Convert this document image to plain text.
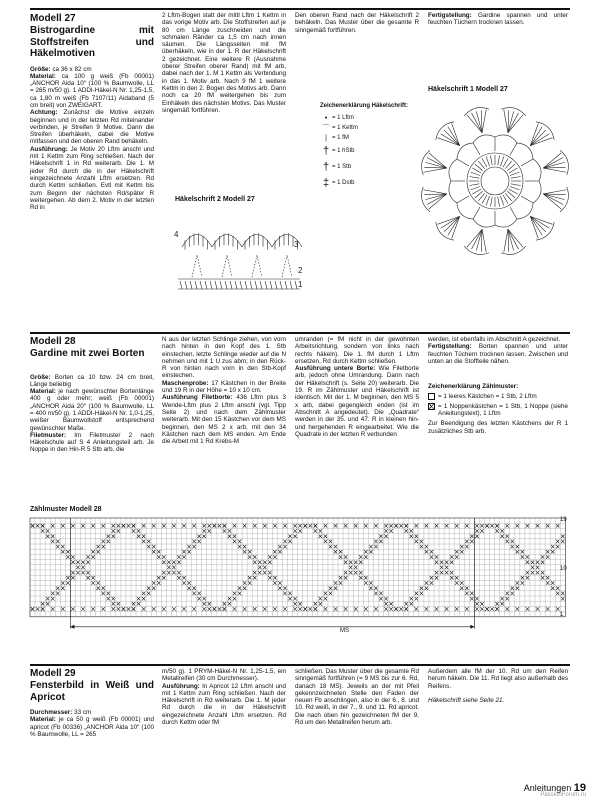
Modell 27
Bistrogardine mit Stoffstreifen und Häkelmotiven

Größe: ca 36 x 82 cm

Material: ca 100 g weiß (Fb 00001) „ANCHOR Aida 10“ (100 % Baumwolle, LL = 265 m/50 g). 1 ADDI-Häkel-N Nr. 1,25-1,5, ca 1,80 m weiß (Fb 7107/11) Aidaband (5 cm breit) von ZWEIGART.

Achtung: Zunächst die Motive einzeln beginnen und in der letzten Rd miteinander verbinden, je Streifen 9 Motive. Dann die Streifen überhäkeln, dabei die Motive mitfassen und den oberen Rand behäkeln.

Ausführung: Je Motiv 20 Lftm anschl und mit 1 Kettm zum Ring schließen. Nach der Häkelschrift 1 in Rd weiterarb. Die 1. M jeder Rd durch die in der Häkelschrift eingezeichnete Anzahl Lftm ersetzen. Rd durch Kettm schließen. Evtl mit Kettm bis zum Beginn der nächsten Rd/später R weitergehen. Ab dem 2. Motiv in der letzten Rd in

2 Lftm-Bogen statt der mittl Lftm 1 Kettm in das vorige Motiv arb. Die Stoffstreifen auf je 80 cm Länge zuschneiden und die schmalen Ränder ca 1,5 cm nach innen säumen. Die Längsseiten mit fM überhäkeln, wie in der 1. R der Häkelschrift 2 gezeichnet. Eine weitere R (Ausnahme oberer Streifen oberer Rand) mit fM arb, dabei nach der 1. M 1 Kettm als Verbindung in das 1. Motiv arb. Nach 9 fM 1 weitere Kettm in den 2. Bogen des Motivs arb. Dann noch ca 20 fM weitergehen bis zum Einhäkeln des nächsten Motivs. Das Muster singemäß fortführen.

Den oberen Rand nach der Häkelschrift 2 behäkeln. Das Muster über die gesamte R sinngemäß fortführen.

Fertigstellung: Gardine spannen und unter feuchten Tüchern trocknen lassen.

Häkelschrift 1 Modell 27
Häkelschrift 2 Modell 27
Zeichenerklärung Häkelschrift:
• = 1 Lftm
⌒ = 1 Kettm
| = 1 fM
† = 1 hStb
† = 1 Stb
‡ = 1 Dstb
4
3
2
1
Modell 28
Gardine mit zwei Borten

Größe: Borten ca 10 bzw. 24 cm breit, Länge beliebig

Material: je nach gewünschter Bortenlänge 400 g oder mehr; weiß (Fb 00001) „ANCHOR Aida 20“ (100 % Baumwolle, LL = 400 m/50 g). 1 ADDI-Häkel-N Nr. 1,0-1,25, weißer Baumwollstoff entsprechend gewünschter Maße.

Filetmuster: Im Filetmuster 2 nach Häkelschule auf S 4 Anleitungsteil arb. Je Noppe in den Hin-R 5 Stb arb, die

N aus der letzten Schlinge ziehen, von vorn nach hinten in den Kopf des 1. Stb einstechen, letzte Schlinge wieder auf die N nehmen und mit 1 U zus abm; in den Rück-R von hinten nach vorn in den Stb-Kopf einstechen.

Maschenprobe: 17 Kästchen in der Breite und 19 R in der Höhe = 10 x 10 cm.

Ausführung Filetborte: 436 Lftm plus 3 Wende-Lftm plus 2 Lftm anschl (vgl. Tipp Seite 2) und nach dem Zählmuster weiterarb. Mit den 15 Kästchen vor dem MS beginnen, den MS 2 x arb, mit den 34 Kästchen nach dem MS enden. Am Ende die Arbeit mit 1 Rd Krebs-M

umranden (= fM nicht in der gewohnten Arbeitsrichtung, sondern von links nach rechts häkeln). Die 1. fM durch 1 Lftm ersetzen, Rd durch Kettm schließen.

Ausführung untere Borte: Wie Filetborte arb, jedoch ohne Umrandung. Dann nach der Häkelschrift (s. Seite 20) weiterarb. Die 19. R im Zählmuster und Häkelschrift ist identisch. Mit der 1. M beginnen, den MS 5 x arb, dabei gegengleich enden (ist im Abschnitt A angedeutet). Die „Quadrate“ werden in der 35. und 47. R in kleinen hin- und hergehenden R eingearbeitet. Wie die Quadrate in der letzten R verbunden

werden, ist ebenfalls im Abschnitt A gezeichnet.

Fertigstellung: Borten spannen und unter feuchten Tüchern trocknen lassen. Zwischen und unten an die Stoffteile nähen.

Zeichenerklärung Zählmuster:
= 1 leeres Kästchen = 1 Stb, 2 Lftm
= 1 Noppenkästchen = 1 Stb, 1 Noppe (siehe Anleitungstext), 1 Lftm
Zur Beendigung des letzten Kästchens der R 1 zusätzliches Stb arb.
Zählmuster Modell 28
19
10
1
MS
Modell 29
Fensterbild in Weiß und Apricot

Durchmesser: 33 cm

Material: je ca 50 g weiß (Fb 00001) und apricot (Fb 00336) „ANCHOR Aida 10“ (100 % Baumwolle, LL = 265

m/50 g). 1 PRYM-Häkel-N Nr. 1,25-1,5, ein Metallreifen (30 cm Durchmesser).

Ausführung: In Apricot 12 Lftm anschl und mit 1 Kettm zum Ring schließen. Nach der Häkelschrift in Rd weiterarb. Die 1. M jeder Rd durch die in der Häkelschrift eingezeichnete Anzahl Lftm ersetzen. Rd durch Kettm oder fM

schließen. Das Muster über die gesamte Rd sinngemäß fortführen (= 9 MS bis zur 6. Rd, danach 18 MS). Jeweils an der mit Pfeil gekennzeichneten Stelle den Faden der neuen Fb anschlingen, also in der 6., 8. und 10. Rd weiß, in der 7., 9. und 11. Rd apricot. Die nach oben hin gezeichneten fM der 9. Rd um den Metallreifen herum arb.

Außerdem alle fM der 10. Rd um den Reifen herum häkeln. Die 11. Rd liegt also außerhalb des Reifens.

Häkelschrift siehe Seite 21.

Anleitungen 19
PassionForum.ru
